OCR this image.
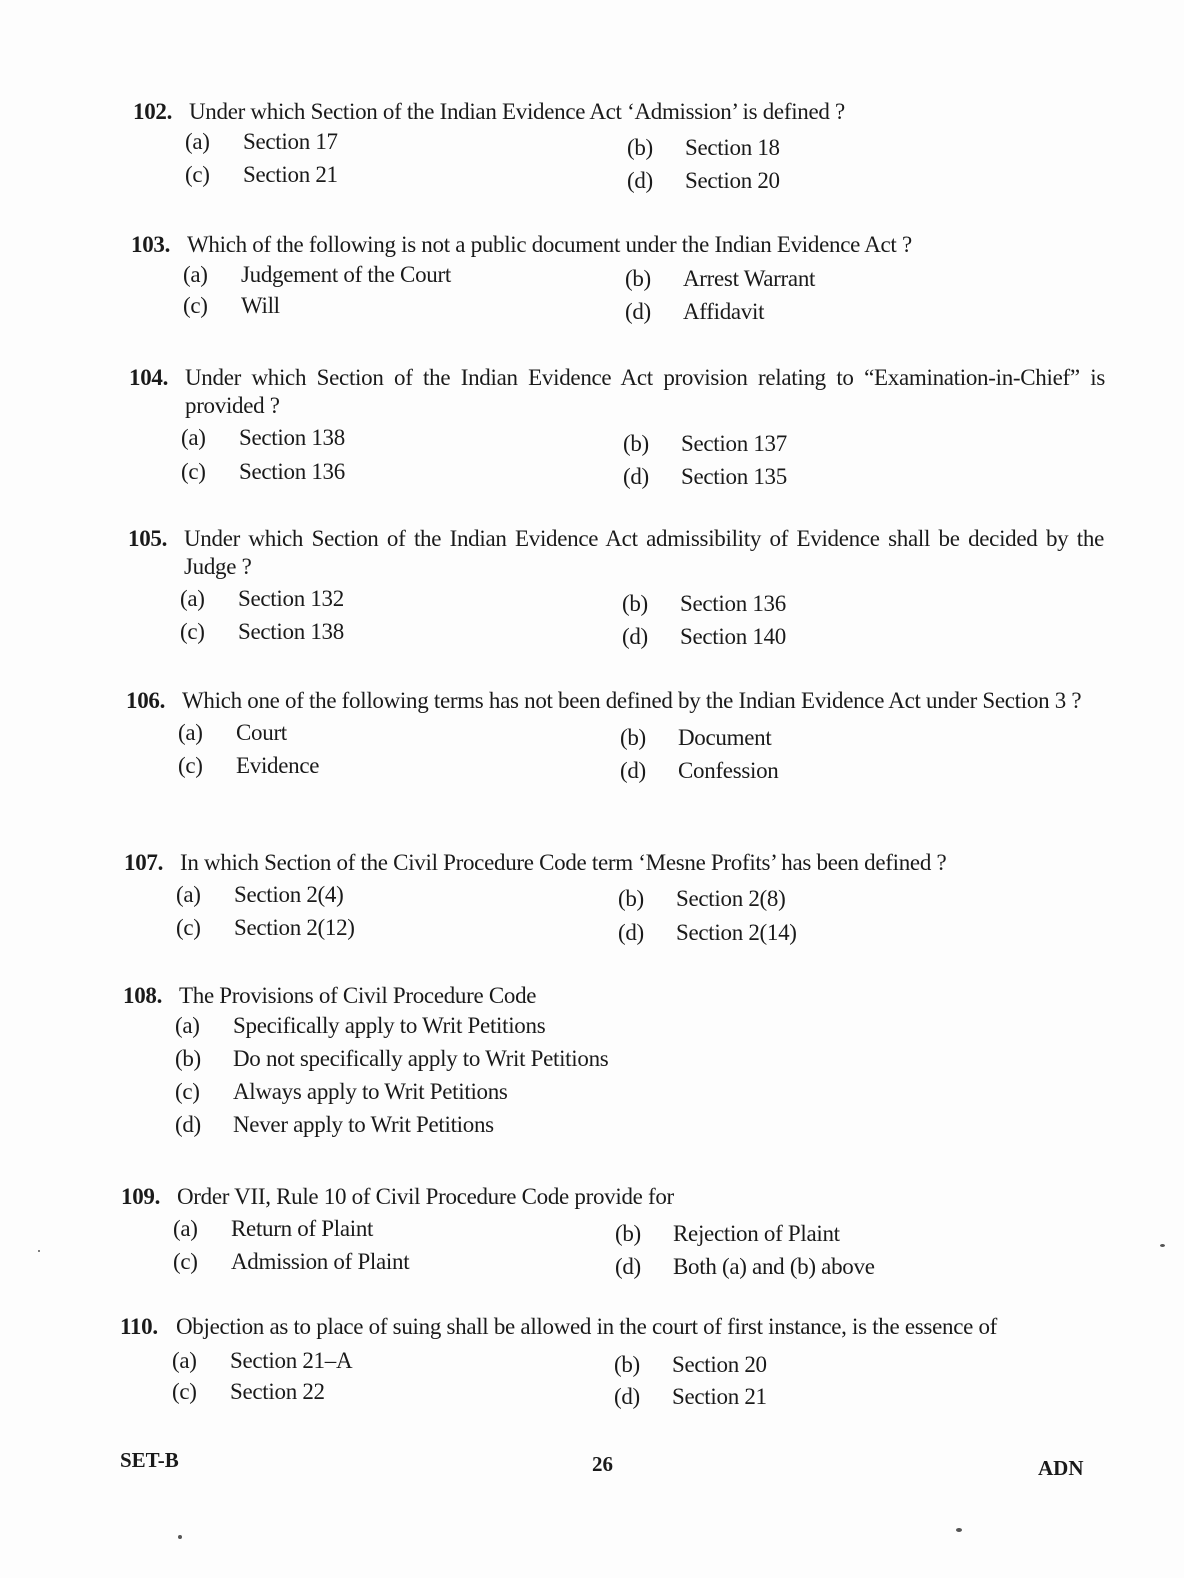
102. Under which Section of the Indian Evidence Act ‘Admission’ is defined ?
(a)	Section 17	(b)	Section 18
(c)	Section 21	(d)	Section 20
103. Which of the following is not a public document under the Indian Evidence Act ?
(a)	Judgement of the Court	(b)	Arrest Warrant
(c)	Will	(d)	Affidavit
104. Under which Section of the Indian Evidence Act provision relating to “Examination-in-Chief” is provided ?
(a)	Section 138	(b)	Section 137
(c)	Section 136	(d)	Section 135
105. Under which Section of the Indian Evidence Act admissibility of Evidence shall be decided by the Judge ?
(a)	Section 132	(b)	Section 136
(c)	Section 138	(d)	Section 140
106. Which one of the following terms has not been defined by the Indian Evidence Act under Section 3 ?
(a)	Court	(b)	Document
(c)	Evidence	(d)	Confession
107. In which Section of the Civil Procedure Code term ‘Mesne Profits’ has been defined ?
(a)	Section 2(4)	(b)	Section 2(8)
(c)	Section 2(12)	(d)	Section 2(14)
108. The Provisions of Civil Procedure Code
(a)	Specifically apply to Writ Petitions
(b)	Do not specifically apply to Writ Petitions
(c)	Always apply to Writ Petitions
(d)	Never apply to Writ Petitions
109. Order VII, Rule 10 of Civil Procedure Code provide for
(a)	Return of Plaint	(b)	Rejection of Plaint
(c)	Admission of Plaint	(d)	Both (a) and (b) above
110. Objection as to place of suing shall be allowed in the court of first instance, is the essence of
(a)	Section 21–A	(b)	Section 20
(c)	Section 22	(d)	Section 21
SET-B	26	ADN
